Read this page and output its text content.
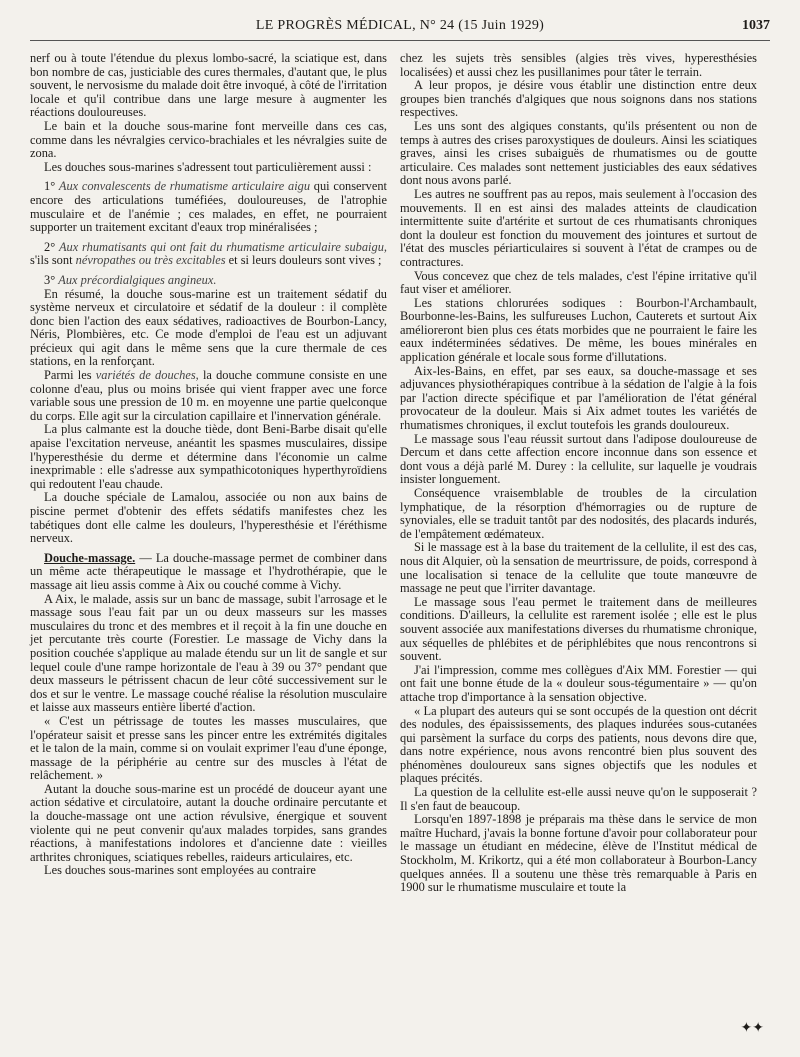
LE PROGRÈS MÉDICAL, N° 24 (15 Juin 1929)	1037

nerf ou à toute l'étendue du plexus lombo-sacré, la sciatique est, dans bon nombre de cas, justiciable des cures thermales, d'autant que, le plus souvent, le nervosisme du malade doit être invoqué, à côté de l'irritation locale et qu'il contribue dans une large mesure à augmenter les réactions douloureuses.

Le bain et la douche sous-marine font merveille dans ces cas, comme dans les névralgies cervico-brachiales et les névralgies suite de zona.

Les douches sous-marines s'adressent tout particulièrement aussi :

1° Aux convalescents de rhumatisme articulaire aigu qui conservent encore des articulations tuméfiées, douloureuses, de l'atrophie musculaire et de l'anémie ; ces malades, en effet, ne pourraient supporter un traitement excitant d'eaux trop minéralisées ;

2° Aux rhumatisants qui ont fait du rhumatisme articulaire subaigu, s'ils sont névropathes ou très excitables et si leurs douleurs sont vives ;

3° Aux précordialgiques angineux.

En résumé, la douche sous-marine est un traitement sédatif du système nerveux et circulatoire et sédatif de la douleur : il complète donc bien l'action des eaux sédatives, radioactives de Bourbon-Lancy, Néris, Plombières, etc. Ce mode d'emploi de l'eau est un adjuvant précieux qui agit dans le même sens que la cure thermale de ces stations, en la renforçant.

Parmi les variétés de douches, la douche commune consiste en une colonne d'eau, plus ou moins brisée qui vient frapper avec une force variable sous une pression de 10 m. en moyenne une partie quelconque du corps. Elle agit sur la circulation capillaire et l'innervation générale.

La plus calmante est la douche tiède, dont Beni-Barbe disait qu'elle apaise l'excitation nerveuse, anéantit les spasmes musculaires, dissipe l'hyperesthésie du derme et détermine dans l'économie un calme inexprimable : elle s'adresse aux sympathicotoniques hyperthyroïdiens qui redoutent l'eau chaude.

La douche spéciale de Lamalou, associée ou non aux bains de piscine permet d'obtenir des effets sédatifs manifestes chez les tabétiques dont elle calme les douleurs, l'hyperesthésie et l'éréthisme nerveux.

Douche-massage. — La douche-massage permet de combiner dans un même acte thérapeutique le massage et l'hydrothérapie, que le massage ait lieu assis comme à Aix ou couché comme à Vichy.

A Aix, le malade, assis sur un banc de massage, subit l'arrosage et le massage sous l'eau fait par un ou deux masseurs sur les masses musculaires du tronc et des membres et il reçoit à la fin une douche en jet percutante très courte (Forestier. Le massage de Vichy dans la position couchée s'applique au malade étendu sur un lit de sangle et sur lequel coule d'une rampe horizontale de l'eau à 39 ou 37° pendant que deux masseurs le pétrissent chacun de leur côté successivement sur le dos et sur le ventre. Le massage couché réalise la résolution musculaire et laisse aux masseurs entière liberté d'action.

« C'est un pétrissage de toutes les masses musculaires, que l'opérateur saisit et presse sans les pincer entre les extrémités digitales et le talon de la main, comme si on voulait exprimer l'eau d'une éponge, massage de la périphérie au centre sur des muscles à l'état de relâchement. »

Autant la douche sous-marine est un procédé de douceur ayant une action sédative et circulatoire, autant la douche ordinaire percutante et la douche-massage ont une action révulsive, énergique et souvent violente qui ne peut convenir qu'aux malades torpides, sans grandes réactions, à manifestations indolores et d'ancienne date : vieilles arthrites chroniques, sciatiques rebelles, raideurs articulaires, etc.

Les douches sous-marines sont employées au contraire

chez les sujets très sensibles (algies très vives, hyperesthésies localisées) et aussi chez les pusillanimes pour tâter le terrain.

A leur propos, je désire vous établir une distinction entre deux groupes bien tranchés d'algiques que nous soignons dans nos stations respectives.

Les uns sont des algiques constants, qu'ils présentent ou non de temps à autres des crises paroxystiques de douleurs. Ainsi les sciatiques graves, ainsi les crises subaiguës de rhumatismes ou de goutte articulaire. Ces malades sont nettement justiciables des eaux sédatives dont nous avons parlé.

Les autres ne souffrent pas au repos, mais seulement à l'occasion des mouvements. Il en est ainsi des malades atteints de claudication intermittente suite d'artérite et surtout de ces rhumatisants chroniques dont la douleur est fonction du mouvement des jointures et surtout de l'état des muscles périarticulaires si souvent à l'état de crampes ou de contractures.

Vous concevez que chez de tels malades, c'est l'épine irritative qu'il faut viser et améliorer.

Les stations chlorurées sodiques : Bourbon-l'Archambault, Bourbonne-les-Bains, les sulfureuses Luchon, Cauterets et surtout Aix amélioreront bien plus ces états morbides que ne pourraient le faire les eaux indéterminées sédatives. De même, les boues minérales en application générale et locale sous forme d'illutations.

Aix-les-Bains, en effet, par ses eaux, sa douche-massage et ses adjuvances physiothérapiques contribue à la sédation de l'algie à la fois par l'action directe spécifique et par l'amélioration de l'état général provocateur de la douleur. Mais si Aix admet toutes les variétés de rhumatismes chroniques, il exclut toutefois les grands douloureux.

Le massage sous l'eau réussit surtout dans l'adipose douloureuse de Dercum et dans cette affection encore inconnue dans son essence et dont vous a déjà parlé M. Durey : la cellulite, sur laquelle je voudrais insister longuement.

Conséquence vraisemblable de troubles de la circulation lymphatique, de la résorption d'hémorragies ou de rupture de synoviales, elle se traduit tantôt par des nodosités, des placards indurés, de l'empâtement œdémateux.

Si le massage est à la base du traitement de la cellulite, il est des cas, nous dit Alquier, où la sensation de meurtrissure, de poids, correspond à une localisation si tenace de la cellulite que toute manœuvre de massage ne peut que l'irriter davantage.

Le massage sous l'eau permet le traitement dans de meilleures conditions. D'ailleurs, la cellulite est rarement isolée ; elle est le plus souvent associée aux manifestations diverses du rhumatisme chronique, aux séquelles de phlébites et de périphlébites que nous rencontrons si souvent.

J'ai l'impression, comme mes collègues d'Aix MM. Forestier — qui ont fait une bonne étude de la « douleur sous-tégumentaire » — qu'on attache trop d'importance à la sensation objective.

« La plupart des auteurs qui se sont occupés de la question ont décrit des nodules, des épaississements, des plaques indurées sous-cutanées qui parsèment la surface du corps des patients, nous devons dire que, dans notre expérience, nous avons rencontré bien plus souvent des phénomènes douloureux sans signes objectifs que les nodules et plaques précités.

La question de la cellulite est-elle aussi neuve qu'on le supposerait ? Il s'en faut de beaucoup.

Lorsqu'en 1897-1898 je préparais ma thèse dans le service de mon maître Huchard, j'avais la bonne fortune d'avoir pour collaborateur pour le massage un étudiant en médecine, élève de l'Institut médical de Stockholm, M. Krikortz, qui a été mon collaborateur à Bourbon-Lancy quelques années. Il a soutenu une thèse très remarquable à Paris en 1900 sur le rhumatisme musculaire et toute la

✦✦
